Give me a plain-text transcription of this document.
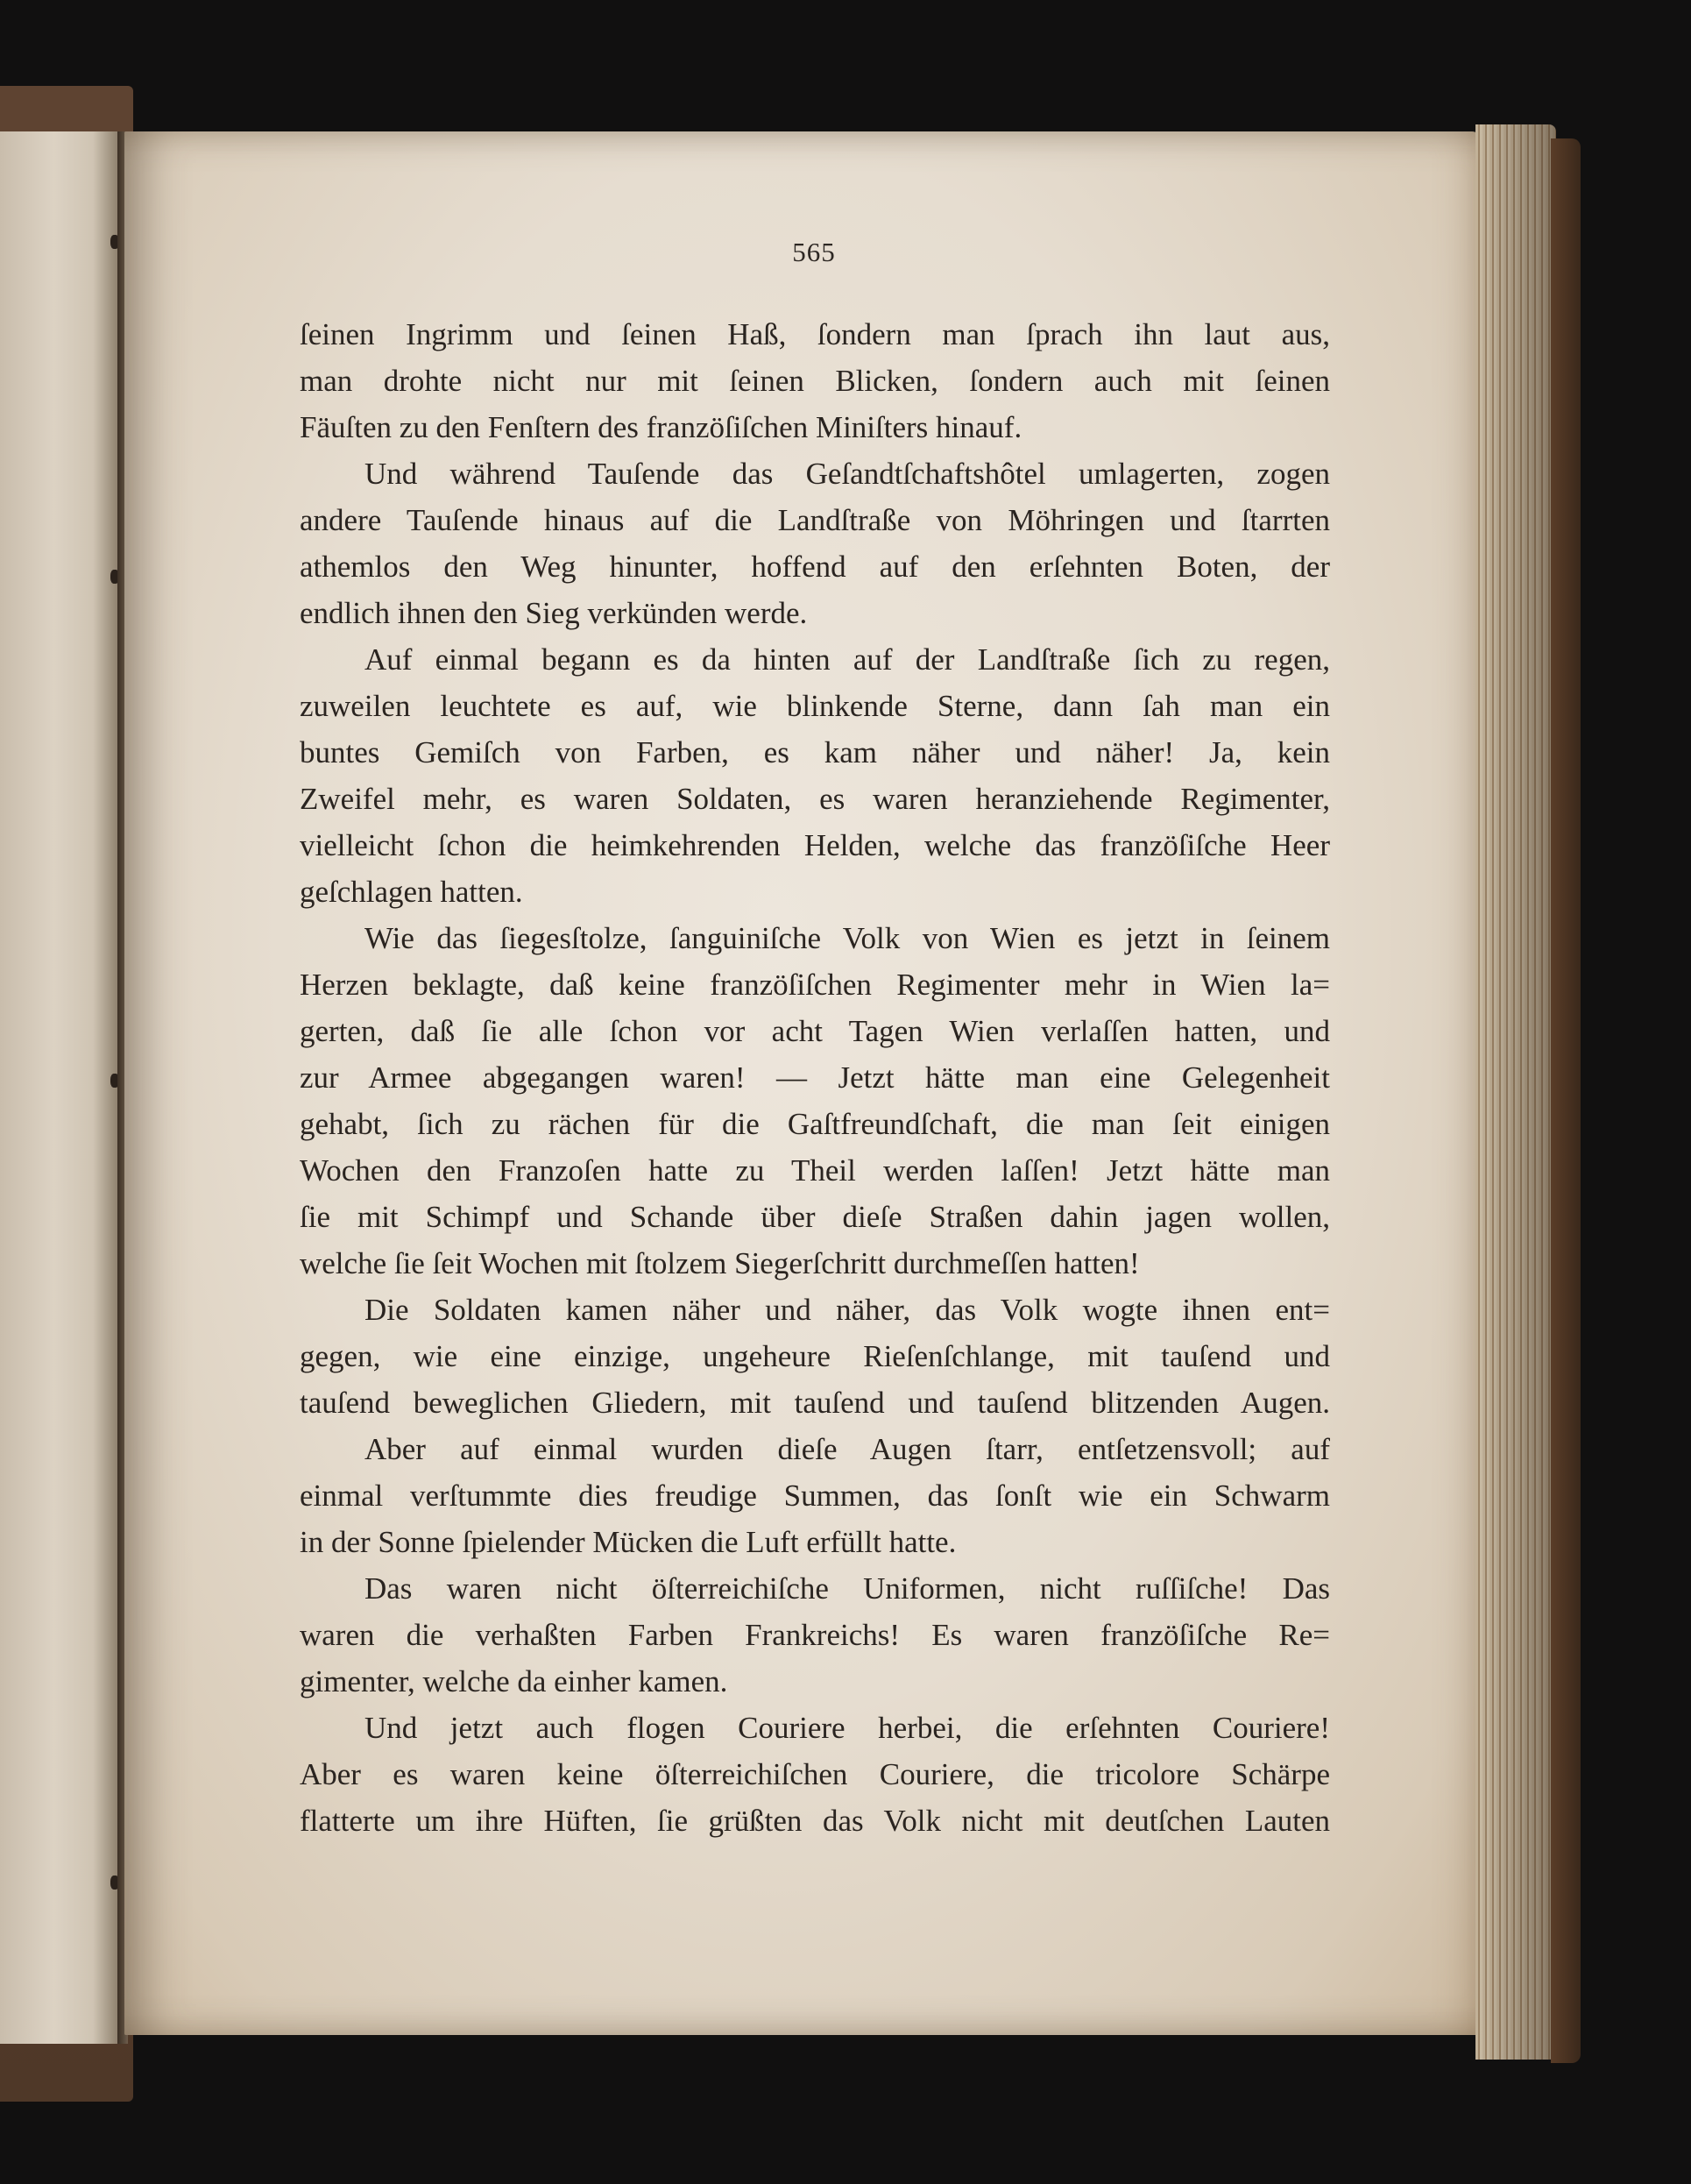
565
ſeinen Ingrimm und ſeinen Haß, ſondern man ſprach ihn laut aus,
man drohte nicht nur mit ſeinen Blicken, ſondern auch mit ſeinen
Fäuſten zu den Fenſtern des franzöſiſchen Miniſters hinauf.
Und während Tauſende das Geſandtſchaftshôtel umlagerten, zogen
andere Tauſende hinaus auf die Landſtraße von Möhringen und ſtarrten
athemlos den Weg hinunter, hoffend auf den erſehnten Boten, der
endlich ihnen den Sieg verkünden werde.
Auf einmal begann es da hinten auf der Landſtraße ſich zu regen,
zuweilen leuchtete es auf, wie blinkende Sterne, dann ſah man ein
buntes Gemiſch von Farben, es kam näher und näher! Ja, kein
Zweifel mehr, es waren Soldaten, es waren heranziehende Regimenter,
vielleicht ſchon die heimkehrenden Helden, welche das franzöſiſche Heer
geſchlagen hatten.
Wie das ſiegesſtolze, ſanguiniſche Volk von Wien es jetzt in ſeinem
Herzen beklagte, daß keine franzöſiſchen Regimenter mehr in Wien la=
gerten, daß ſie alle ſchon vor acht Tagen Wien verlaſſen hatten, und
zur Armee abgegangen waren! — Jetzt hätte man eine Gelegenheit
gehabt, ſich zu rächen für die Gaſtfreundſchaft, die man ſeit einigen
Wochen den Franzoſen hatte zu Theil werden laſſen! Jetzt hätte man
ſie mit Schimpf und Schande über dieſe Straßen dahin jagen wollen,
welche ſie ſeit Wochen mit ſtolzem Siegerſchritt durchmeſſen hatten!
Die Soldaten kamen näher und näher, das Volk wogte ihnen ent=
gegen, wie eine einzige, ungeheure Rieſenſchlange, mit tauſend und
tauſend beweglichen Gliedern, mit tauſend und tauſend blitzenden Augen.
Aber auf einmal wurden dieſe Augen ſtarr, entſetzensvoll; auf
einmal verſtummte dies freudige Summen, das ſonſt wie ein Schwarm
in der Sonne ſpielender Mücken die Luft erfüllt hatte.
Das waren nicht öſterreichiſche Uniformen, nicht ruſſiſche! Das
waren die verhaßten Farben Frankreichs! Es waren franzöſiſche Re=
gimenter, welche da einher kamen.
Und jetzt auch flogen Couriere herbei, die erſehnten Couriere!
Aber es waren keine öſterreichiſchen Couriere, die tricolore Schärpe
flatterte um ihre Hüften, ſie grüßten das Volk nicht mit deutſchen Lauten
